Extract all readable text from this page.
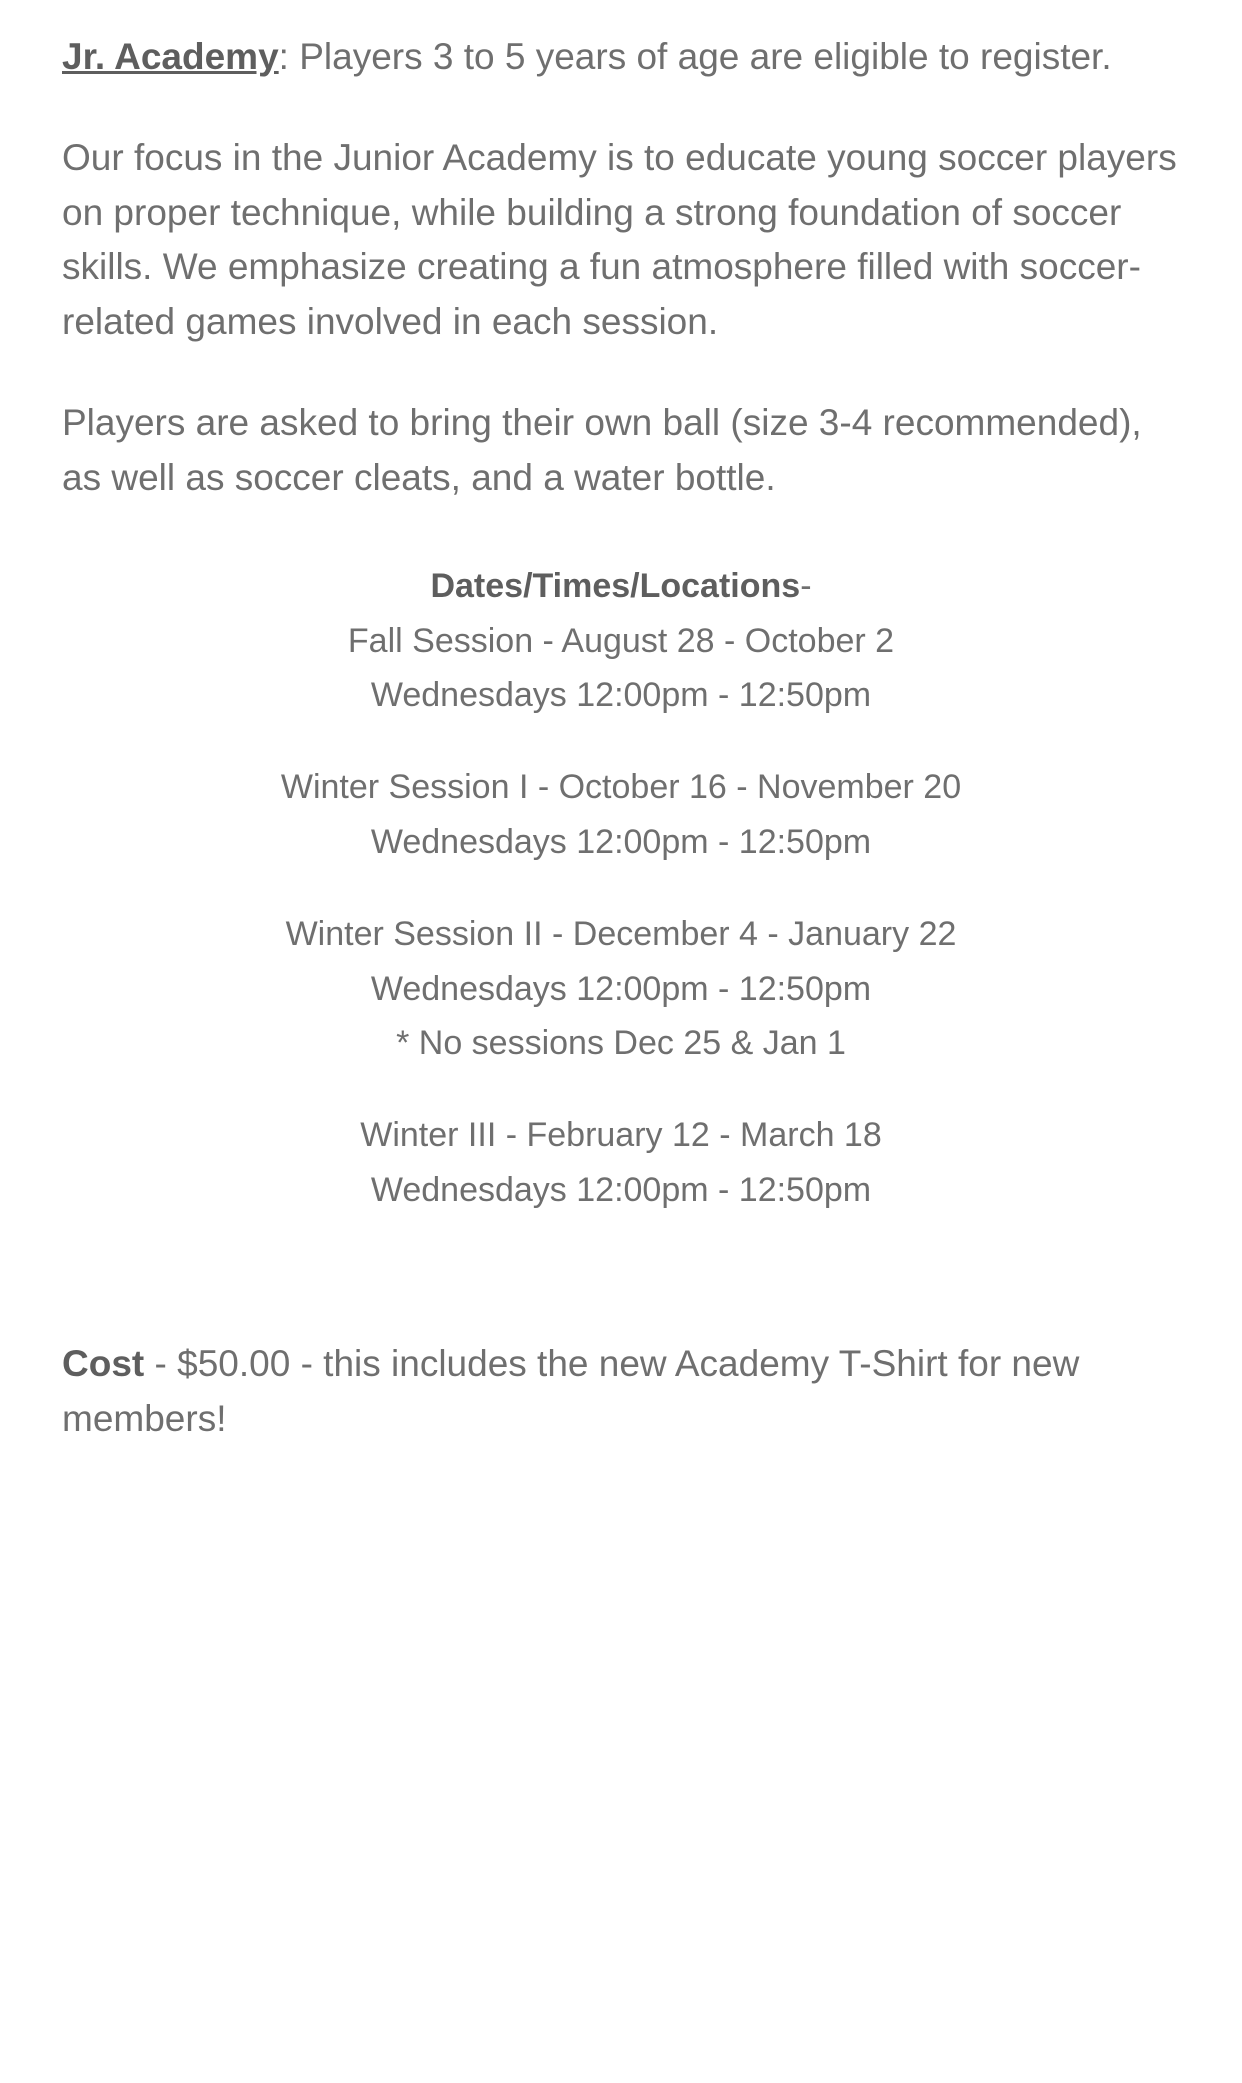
Jr. Academy: Players 3 to 5 years of age are eligible to register.

Our focus in the Junior Academy is to educate young soccer players on proper technique, while building a strong foundation of soccer skills. We emphasize creating a fun atmosphere filled with soccer-related games involved in each session.

Players are asked to bring their own ball (size 3-4 recommended), as well as soccer cleats, and a water bottle.

Dates/Times/Locations-
Fall Session - August 28 - October 2
Wednesdays 12:00pm - 12:50pm
Winter Session I - October 16 - November 20
Wednesdays 12:00pm - 12:50pm
Winter Session II - December 4 - January 22
Wednesdays 12:00pm - 12:50pm
* No sessions Dec 25 & Jan 1
Winter III - February 12 - March 18
Wednesdays 12:00pm - 12:50pm

Cost - $50.00 - this includes the new Academy T-Shirt for new members!
